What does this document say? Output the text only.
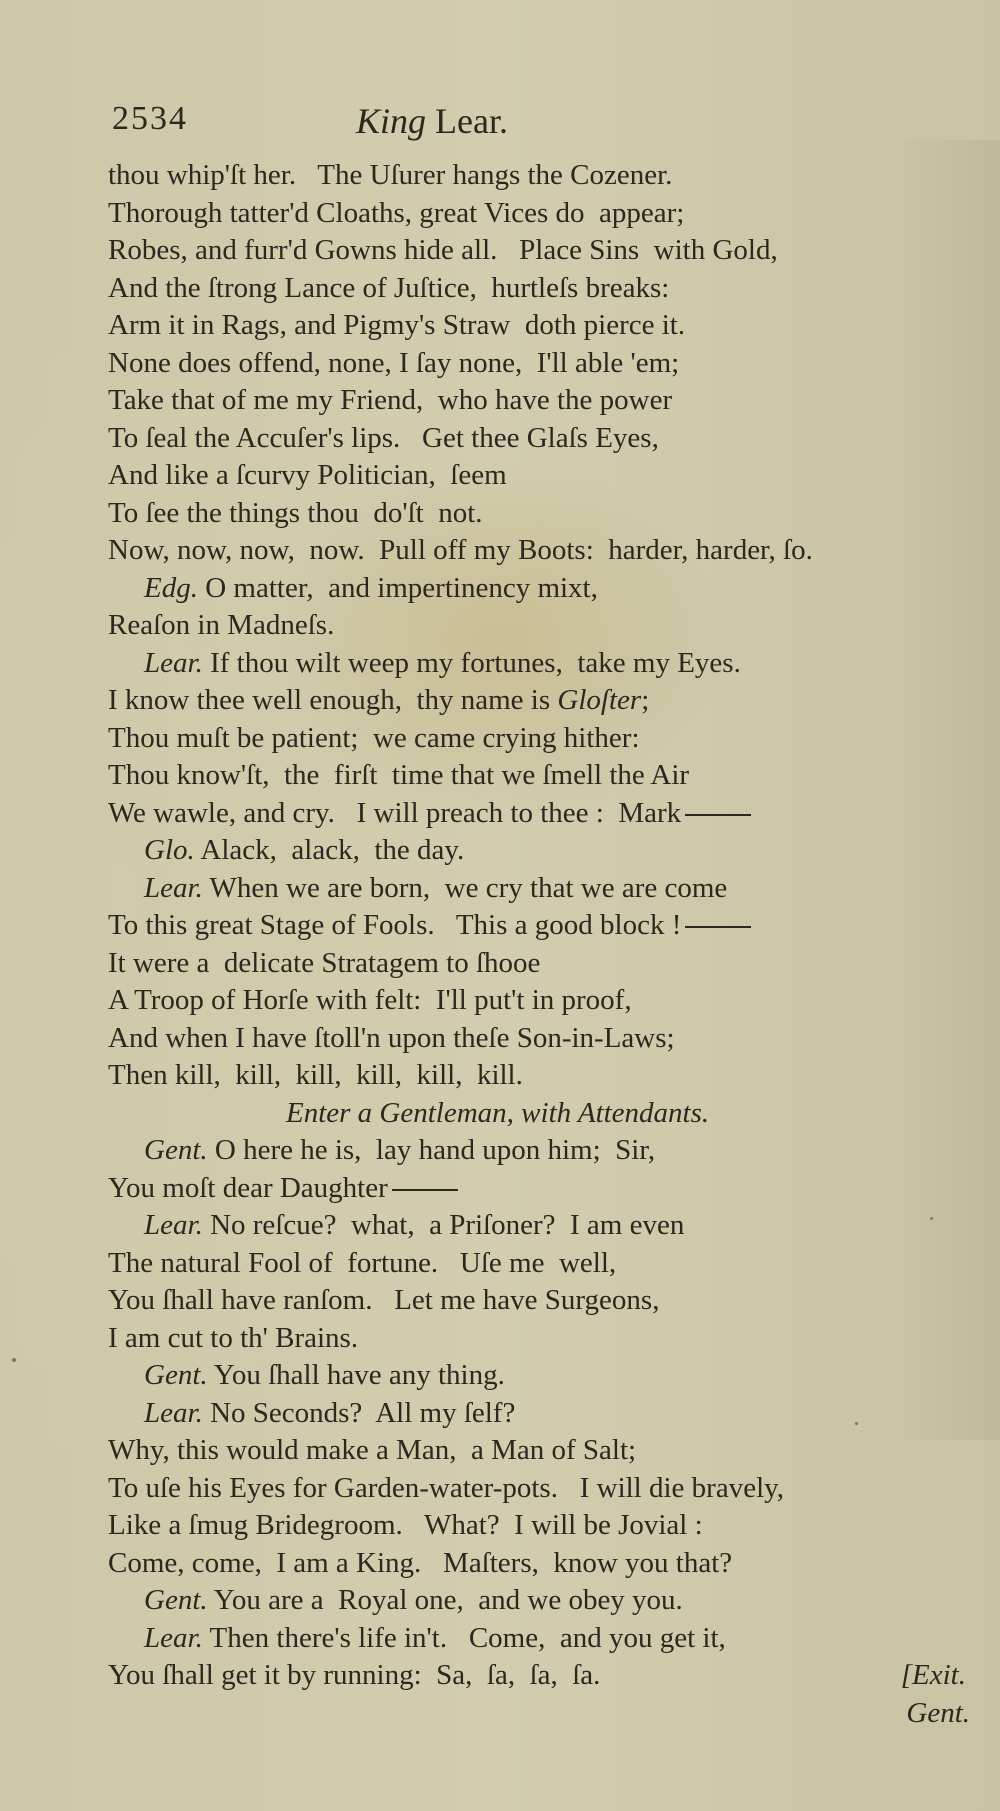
2534	King Lear.
thou whip'ſt her.   The Uſurer hangs the Cozener.
Thorough tatter'd Cloaths, great Vices do  appear;
Robes, and furr'd Gowns hide all.   Place Sins  with Gold,
And the ſtrong Lance of Juſtice,  hurtleſs breaks:
Arm it in Rags, and Pigmy's Straw  doth pierce it.
None does offend, none, I ſay none,  I'll able 'em;
Take that of me my Friend,  who have the power
To ſeal the Accuſer's lips.   Get thee Glaſs Eyes,
And like a ſcurvy Politician,  ſeem
To ſee the things thou  do'ſt  not.
Now, now, now,  now.  Pull off my Boots:  harder, harder, ſo.
Edg. O matter,  and impertinency mixt,
Reaſon in Madneſs.
Lear. If thou wilt weep my fortunes,  take my Eyes.
I know thee well enough,  thy name is Gloſter;
Thou muſt be patient;  we came crying hither:
Thou know'ſt,  the  firſt  time that we ſmell the Air
We wawle, and cry.   I will preach to thee :  Mark
Glo. Alack,  alack,  the day.
Lear. When we are born,  we cry that we are come
To this great Stage of Fools.   This a good block !
It were a  delicate Stratagem to ſhooe
A Troop of Horſe with felt:  I'll put't in proof,
And when I have ſtoll'n upon theſe Son-in-Laws;
Then kill,  kill,  kill,  kill,  kill,  kill.
Enter a Gentleman, with Attendants.
Gent. O here he is,  lay hand upon him;  Sir,
You moſt dear Daughter
Lear. No reſcue?  what,  a Priſoner?  I am even
The natural Fool of  fortune.   Uſe me  well,
You ſhall have ranſom.   Let me have Surgeons,
I am cut to th' Brains.
Gent. You ſhall have any thing.
Lear. No Seconds?  All my ſelf?
Why, this would make a Man,  a Man of Salt;
To uſe his Eyes for Garden-water-pots.   I will die bravely,
Like a ſmug Bridegroom.   What?  I will be Jovial :
Come, come,  I am a King.   Maſters,  know you that?
Gent. You are a  Royal one,  and we obey you.
Lear. Then there's life in't.   Come,  and you get it,
You ſhall get it by running:  Sa,  ſa,  ſa,  ſa.	[Exit.
Gent.
